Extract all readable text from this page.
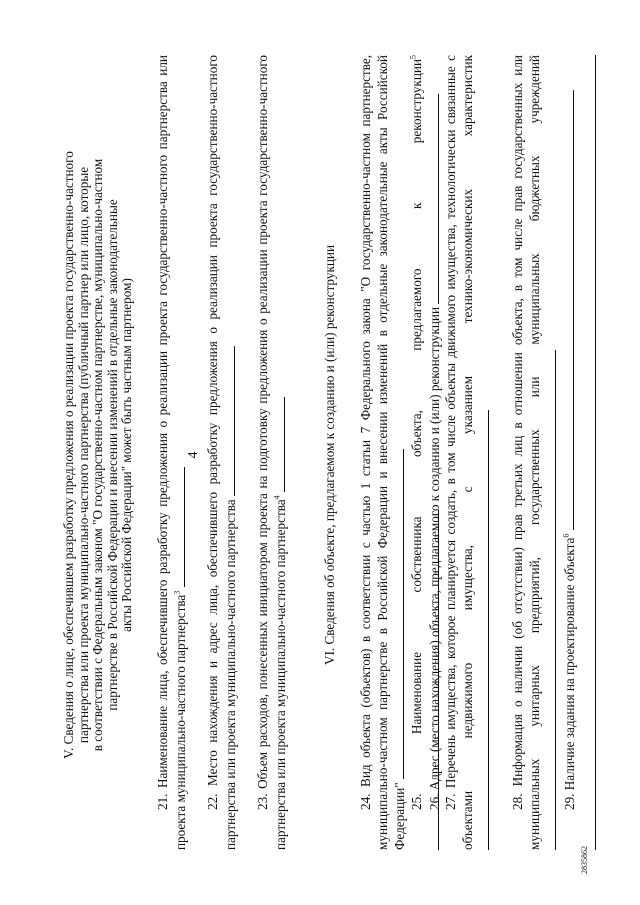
4
V. Сведения о лице, обеспечившем разработку предложения о реализации проекта государственно-частного партнерства или проекта муниципально-частного партнерства (публичный партнер или лицо, которые в соответствии с Федеральным законом "О государственно-частном партнерстве, муниципально-частном партнерстве в Российской Федерации и внесении изменений в отдельные законодательные акты Российской Федерации" может быть частным партнером) 21. Наименование лица, обеспечившего разработку предложения о реализации проекта государственно-частного партнерства или проекта муниципально-частного партнерства$^3$	22. Место нахождения и адрес лица, обеспечившего разработку предложения о реализации проекта государственно-частного партнерства или проекта муниципально-частного партнерства 23. Объем расходов, понесенных инициатором проекта на подготовку предложения о реализации проекта государственно-частного партнерства или проекта муниципально-частного партнерства$^4$	VI. Сведения об объекте, предлагаемом к созданию и (или) реконструкции 24. Вид объекта (объектов) в соответствии с частью 1 статьи 7 Федерального закона "О государственно-частном партнерстве, муниципально-частном партнерстве в Российской Федерации и внесении изменений в отдельные законодательные акты Российской Федерации"
25. Наименование собственника объекта, предлагаемого к реконструкции$^5$
26. Адрес (место нахождения) объекта, предлагаемого к созданию и (или) реконструкции 27. Перечень имущества, которое планируется создать, в том числе объекты движимого имущества, технологически связанные с объектами недвижимого имущества, с указанием технико-экономических характеристик	28. Информация о наличии (об отсутствии) прав третьих лиц в отношении объекта, в том числе прав государственных или муниципальных унитарных предприятий, государственных или муниципальных бюджетных учреждений	29. Наличие задания на проектирование объекта$^6$
2835862
